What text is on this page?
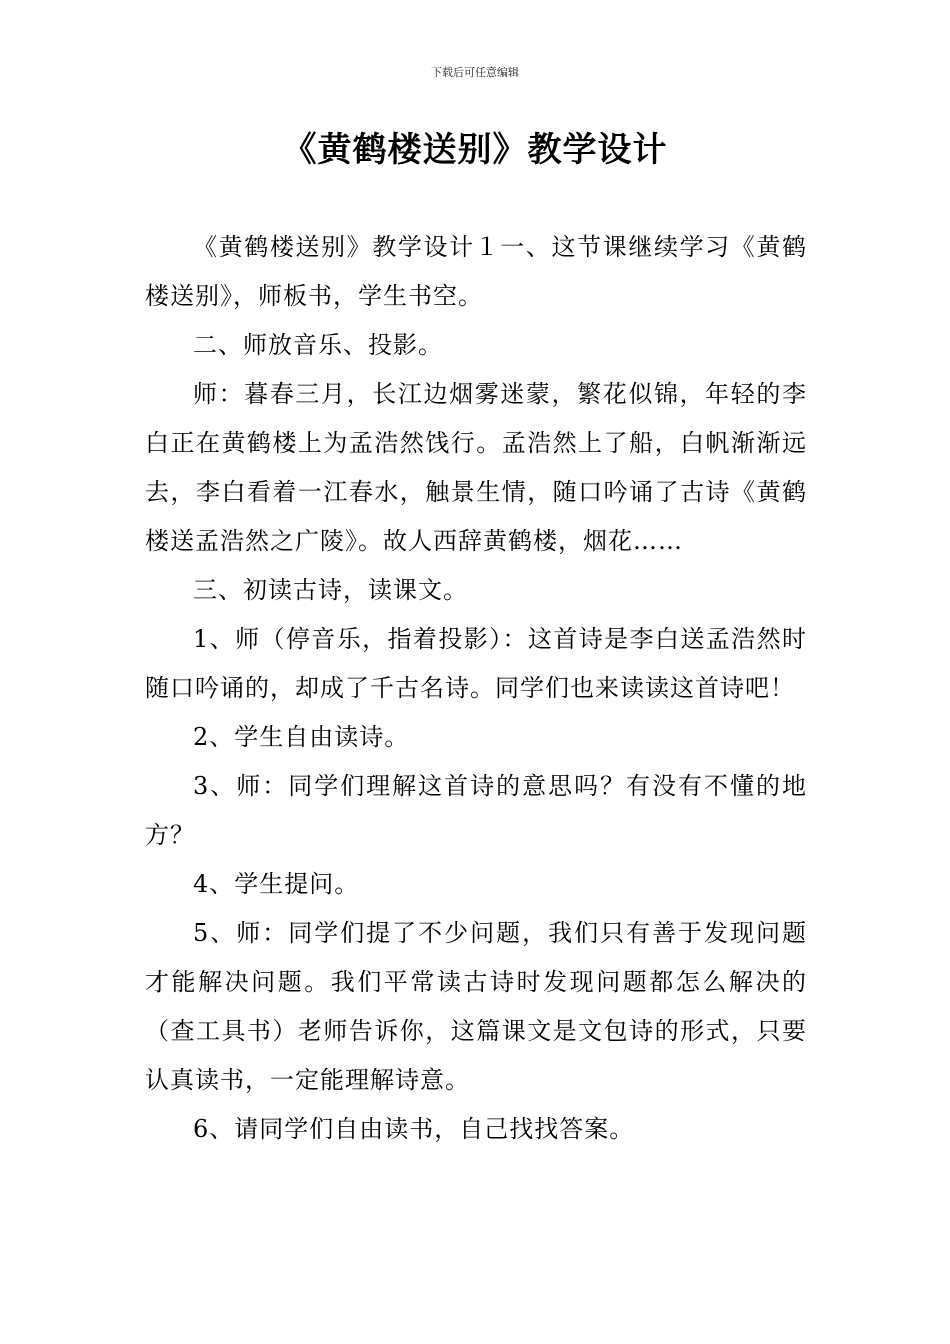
下载后可任意编辑
《黄鹤楼送别》教学设计

《黄鹤楼送别》教学设计１一、这节课继续学习《黄鹤楼送别》，师板书，学生书空。

二、师放音乐、投影。

师：暮春三月，长江边烟雾迷蒙，繁花似锦，年轻的李白正在黄鹤楼上为孟浩然饯行。孟浩然上了船，白帆渐渐远去，李白看着一江春水，触景生情，随口吟诵了古诗《黄鹤楼送孟浩然之广陵》。故人西辞黄鹤楼，烟花……

三、初读古诗，读课文。

1、师（停音乐，指着投影）：这首诗是李白送孟浩然时随口吟诵的，却成了千古名诗。同学们也来读读这首诗吧！

2、学生自由读诗。

3、师：同学们理解这首诗的意思吗？有没有不懂的地方？

4、学生提问。

5、师：同学们提了不少问题，我们只有善于发现问题才能解决问题。我们平常读古诗时发现问题都怎么解决的（查工具书）老师告诉你，这篇课文是文包诗的形式，只要认真读书，一定能理解诗意。

6、请同学们自由读书，自己找找答案。
